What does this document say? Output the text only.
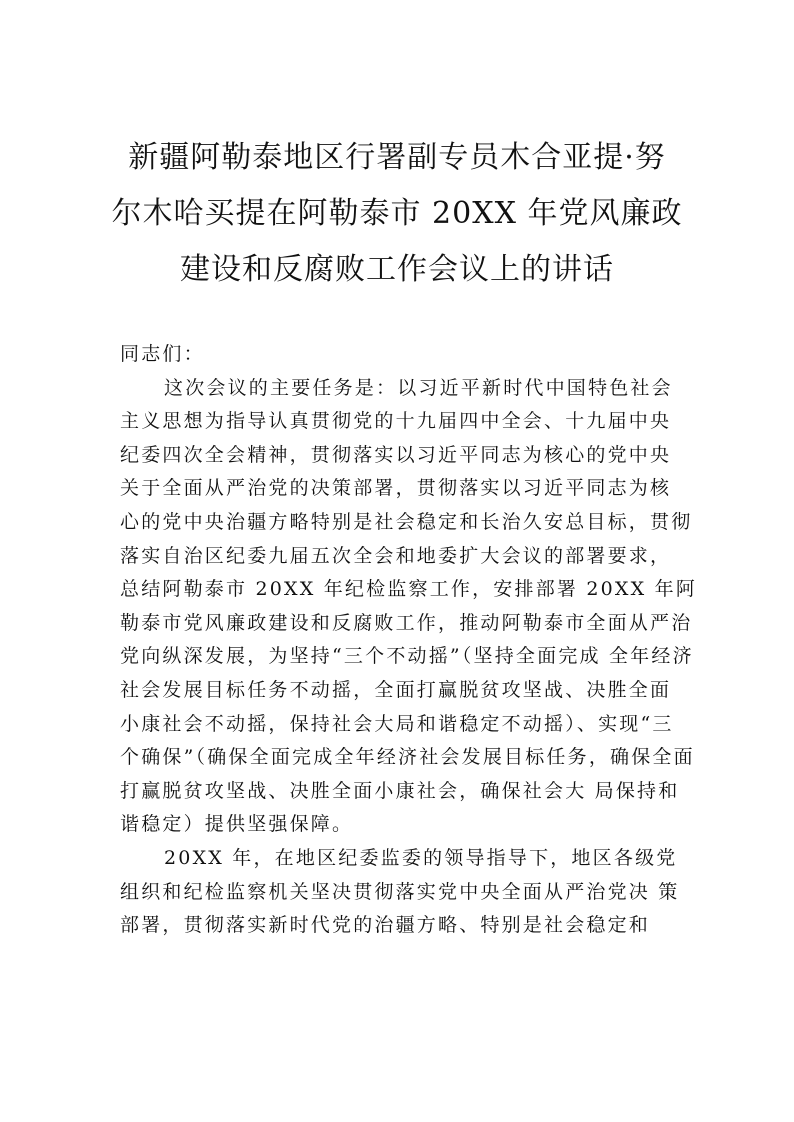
新疆阿勒泰地区行署副专员木合亚提·努
尔木哈买提在阿勒泰市 20XX 年党风廉政
建设和反腐败工作会议上的讲话
同志们：
这次会议的主要任务是：以习近平新时代中国特色社会
主义思想为指导认真贯彻党的十九届四中全会、十九届中央
纪委四次全会精神，贯彻落实以习近平同志为核心的党中央
关于全面从严治党的决策部署，贯彻落实以习近平同志为核
心的党中央治疆方略特别是社会稳定和长治久安总目标，贯彻
落实自治区纪委九届五次全会和地委扩大会议的部署要求，
总结阿勒泰市 20XX 年纪检监察工作，安排部署 20XX 年阿
勒泰市党风廉政建设和反腐败工作，推动阿勒泰市全面从严治
党向纵深发展，为坚持“三个不动摇”（坚持全面完成 全年经济
社会发展目标任务不动摇，全面打赢脱贫攻坚战、决胜全面
小康社会不动摇，保持社会大局和谐稳定不动摇）、实现“三
个确保”（确保全面完成全年经济社会发展目标任务，确保全面
打赢脱贫攻坚战、决胜全面小康社会，确保社会大 局保持和
谐稳定）提供坚强保障。
20XX 年，在地区纪委监委的领导指导下，地区各级党
组织和纪检监察机关坚决贯彻落实党中央全面从严治党决 策
部署，贯彻落实新时代党的治疆方略、特别是社会稳定和
